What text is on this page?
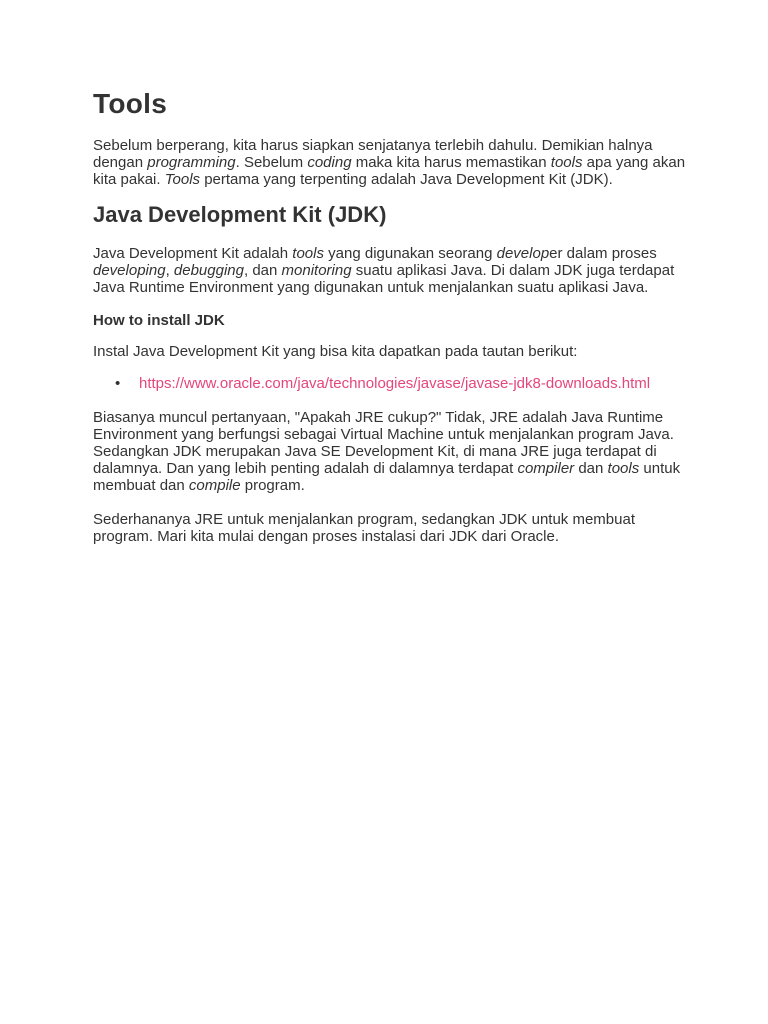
Tools

Sebelum berperang, kita harus siapkan senjatanya terlebih dahulu. Demikian halnya dengan programming. Sebelum coding maka kita harus memastikan tools apa yang akan kita pakai. Tools pertama yang terpenting adalah Java Development Kit (JDK).

Java Development Kit (JDK)

Java Development Kit adalah tools yang digunakan seorang developer dalam proses developing, debugging, dan monitoring suatu aplikasi Java. Di dalam JDK juga terdapat Java Runtime Environment yang digunakan untuk menjalankan suatu aplikasi Java.

How to install JDK

Instal Java Development Kit yang bisa kita dapatkan pada tautan berikut:

• https://www.oracle.com/java/technologies/javase/javase-jdk8-downloads.html

Biasanya muncul pertanyaan, "Apakah JRE cukup?" Tidak, JRE adalah Java Runtime Environment yang berfungsi sebagai Virtual Machine untuk menjalankan program Java. Sedangkan JDK merupakan Java SE Development Kit, di mana JRE juga terdapat di dalamnya. Dan yang lebih penting adalah di dalamnya terdapat compiler dan tools untuk membuat dan compile program.

Sederhananya JRE untuk menjalankan program, sedangkan JDK untuk membuat program. Mari kita mulai dengan proses instalasi dari JDK dari Oracle.
